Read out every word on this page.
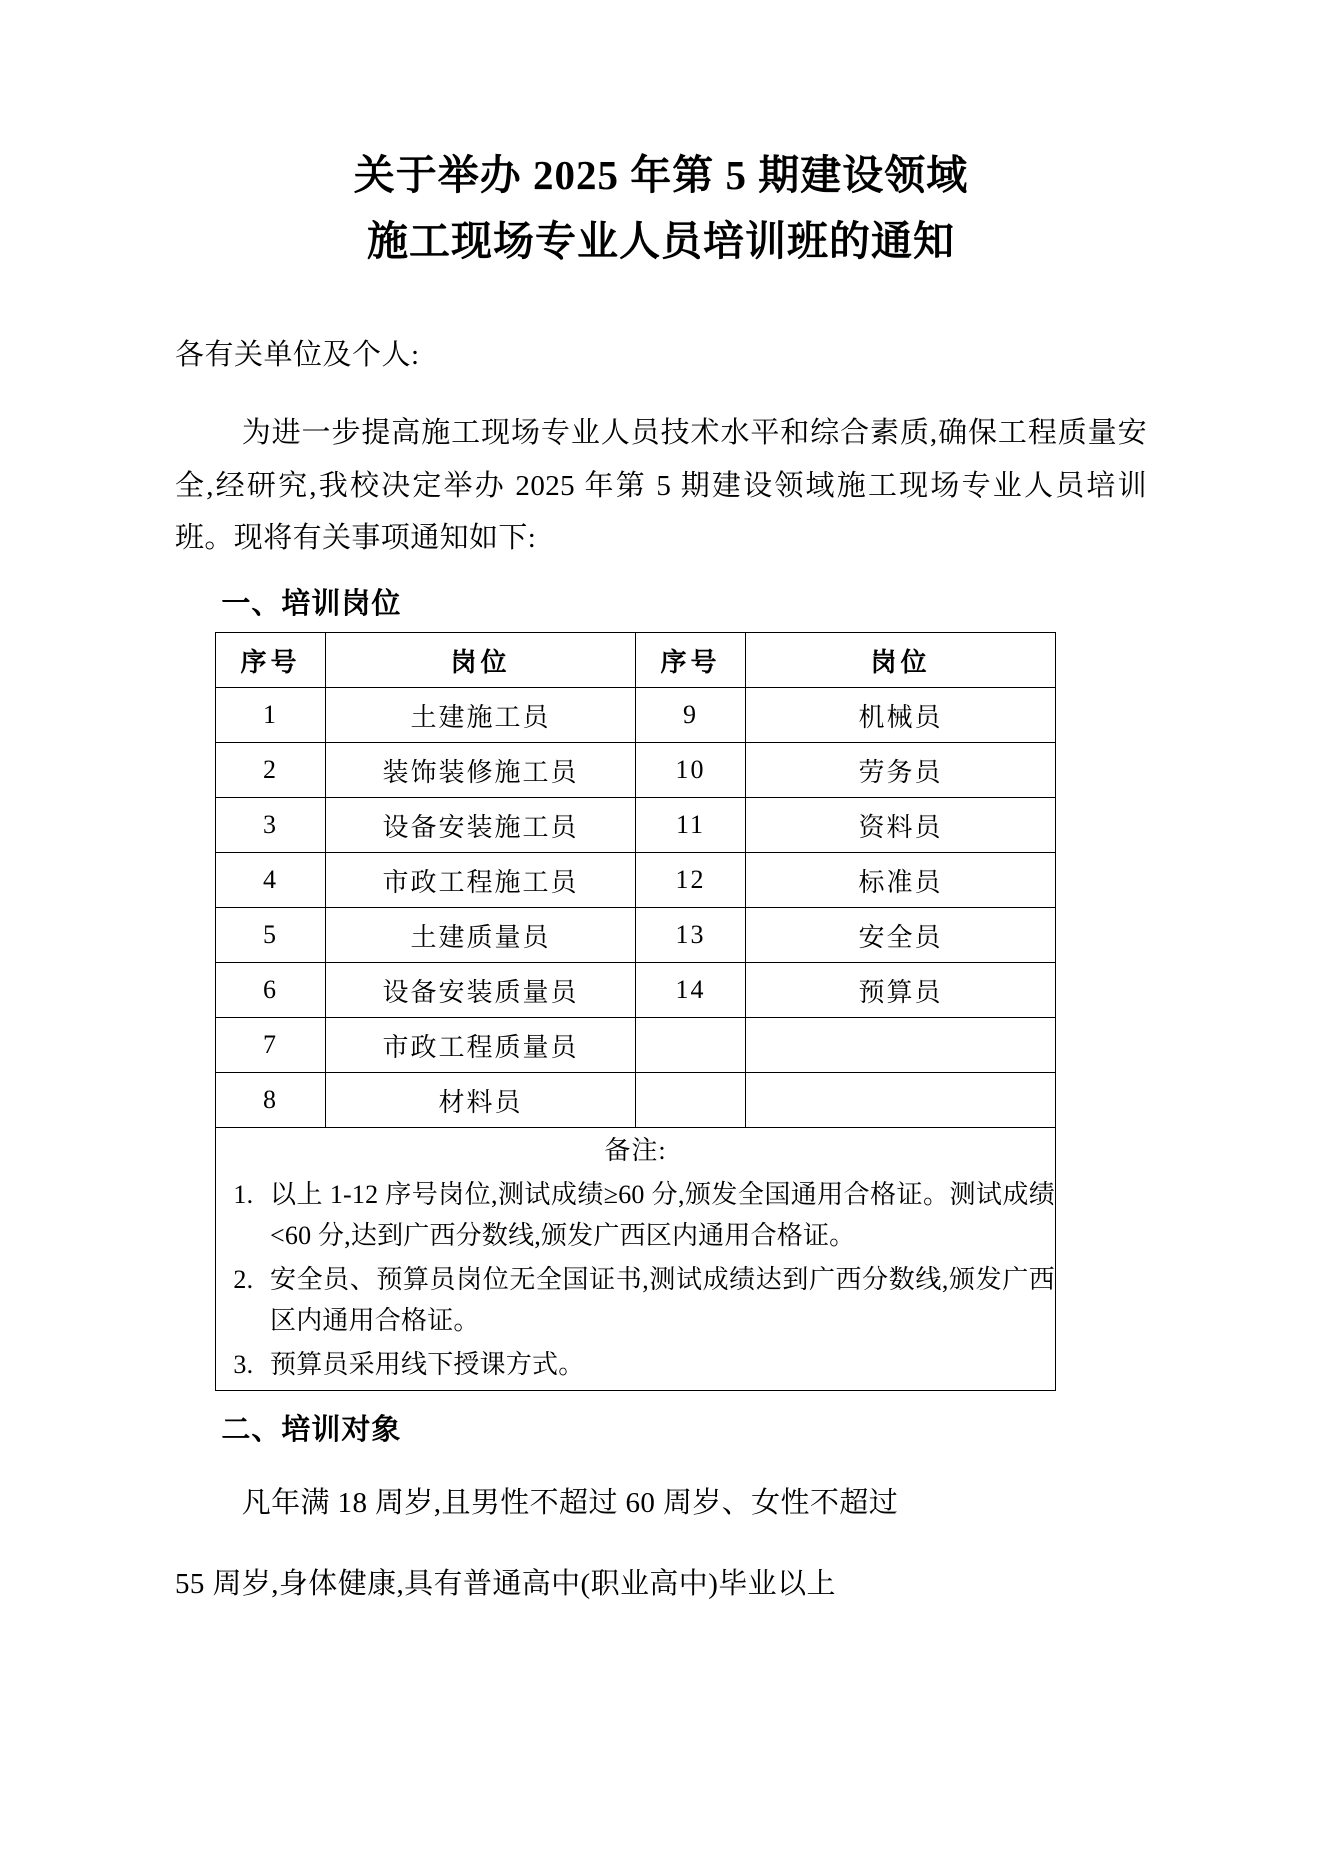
关于举办 2025 年第 5 期建设领域
施工现场专业人员培训班的通知

各有关单位及个人:

为进一步提高施工现场专业人员技术水平和综合素质,确保工程质量安全,经研究,我校决定举办 2025 年第 5 期建设领域施工现场专业人员培训班。现将有关事项通知如下:

一、培训岗位
序号	岗位	序号	岗位
1	土建施工员	9	机械员
2	装饰装修施工员	10	劳务员
3	设备安装施工员	11	资料员
4	市政工程施工员	12	标准员
5	土建质量员	13	安全员
6	设备安装质量员	14	预算员
7	市政工程质量员		
8	材料员		

备注:
1. 以上 1-12 序号岗位,测试成绩≥60 分,颁发全国通用合格证。测试成绩<60 分,达到广西分数线,颁发广西区内通用合格证。
2. 安全员、预算员岗位无全国证书,测试成绩达到广西分数线,颁发广西区内通用合格证。
3. 预算员采用线下授课方式。
二、培训对象

凡年满 18 周岁,且男性不超过 60 周岁、女性不超过

55 周岁,身体健康,具有普通高中(职业高中)毕业以上
